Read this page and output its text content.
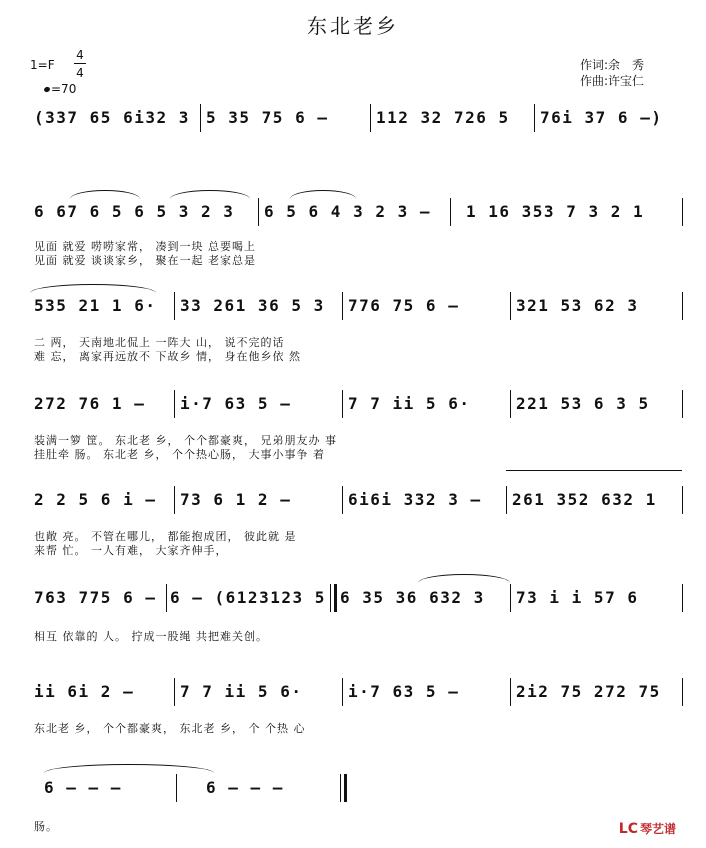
东北老乡
1=F
4
4
=70
作词:余　秀
作曲:许宝仁
(337 65 6i32 3 5 35 75 6 –	112 32 726 5 76i 37 6 –)
6 67 6 5 6 5 3 2 3 6 5 6 4 3 2 3 – 1 16 353 7 3 2 1
见面 就爱 唠唠家常， 凑到一块 总要喝上
见面 就爱 谈谈家乡， 聚在一起 老家总是
535 21 1 6· 33 261 36 5 3 776 75 6 –	321 53 62 3
二 两， 天南地北侃上 一阵大 山， 说不完的话
难 忘， 离家再远放不 下故乡 情， 身在他乡依 然
272 76 1 – i·7 63 5 –	7 7 ii 5 6·	221 53 6 3 5
装满一箩 筐。 东北老 乡， 个个都豪爽， 兄弟朋友办 事
挂肚牵 肠。 东北老 乡， 个个热心肠， 大事小事争 着
2 2 5 6 i – 73 6 1 2 –	6i6i 332 3 – 261 352 632 1
也敞 亮。 不管在哪儿， 都能抱成团， 彼此就 是
来帮 忙。 一人有难， 大家齐伸手，
763 775 6 – 6 – (6123123 5 6 35 36 632 3 73 i i 57 6
相互 依靠的 人。 拧成一股绳 共把难关创。
ii 6i 2 –	7 7 ii 5 6·	i·7 63 5 –	2i2 75 272 75
东北老 乡， 个个都豪爽， 东北老 乡， 个 个热 心
6 – – –	6 – – –
肠。	LC 琴艺谱
